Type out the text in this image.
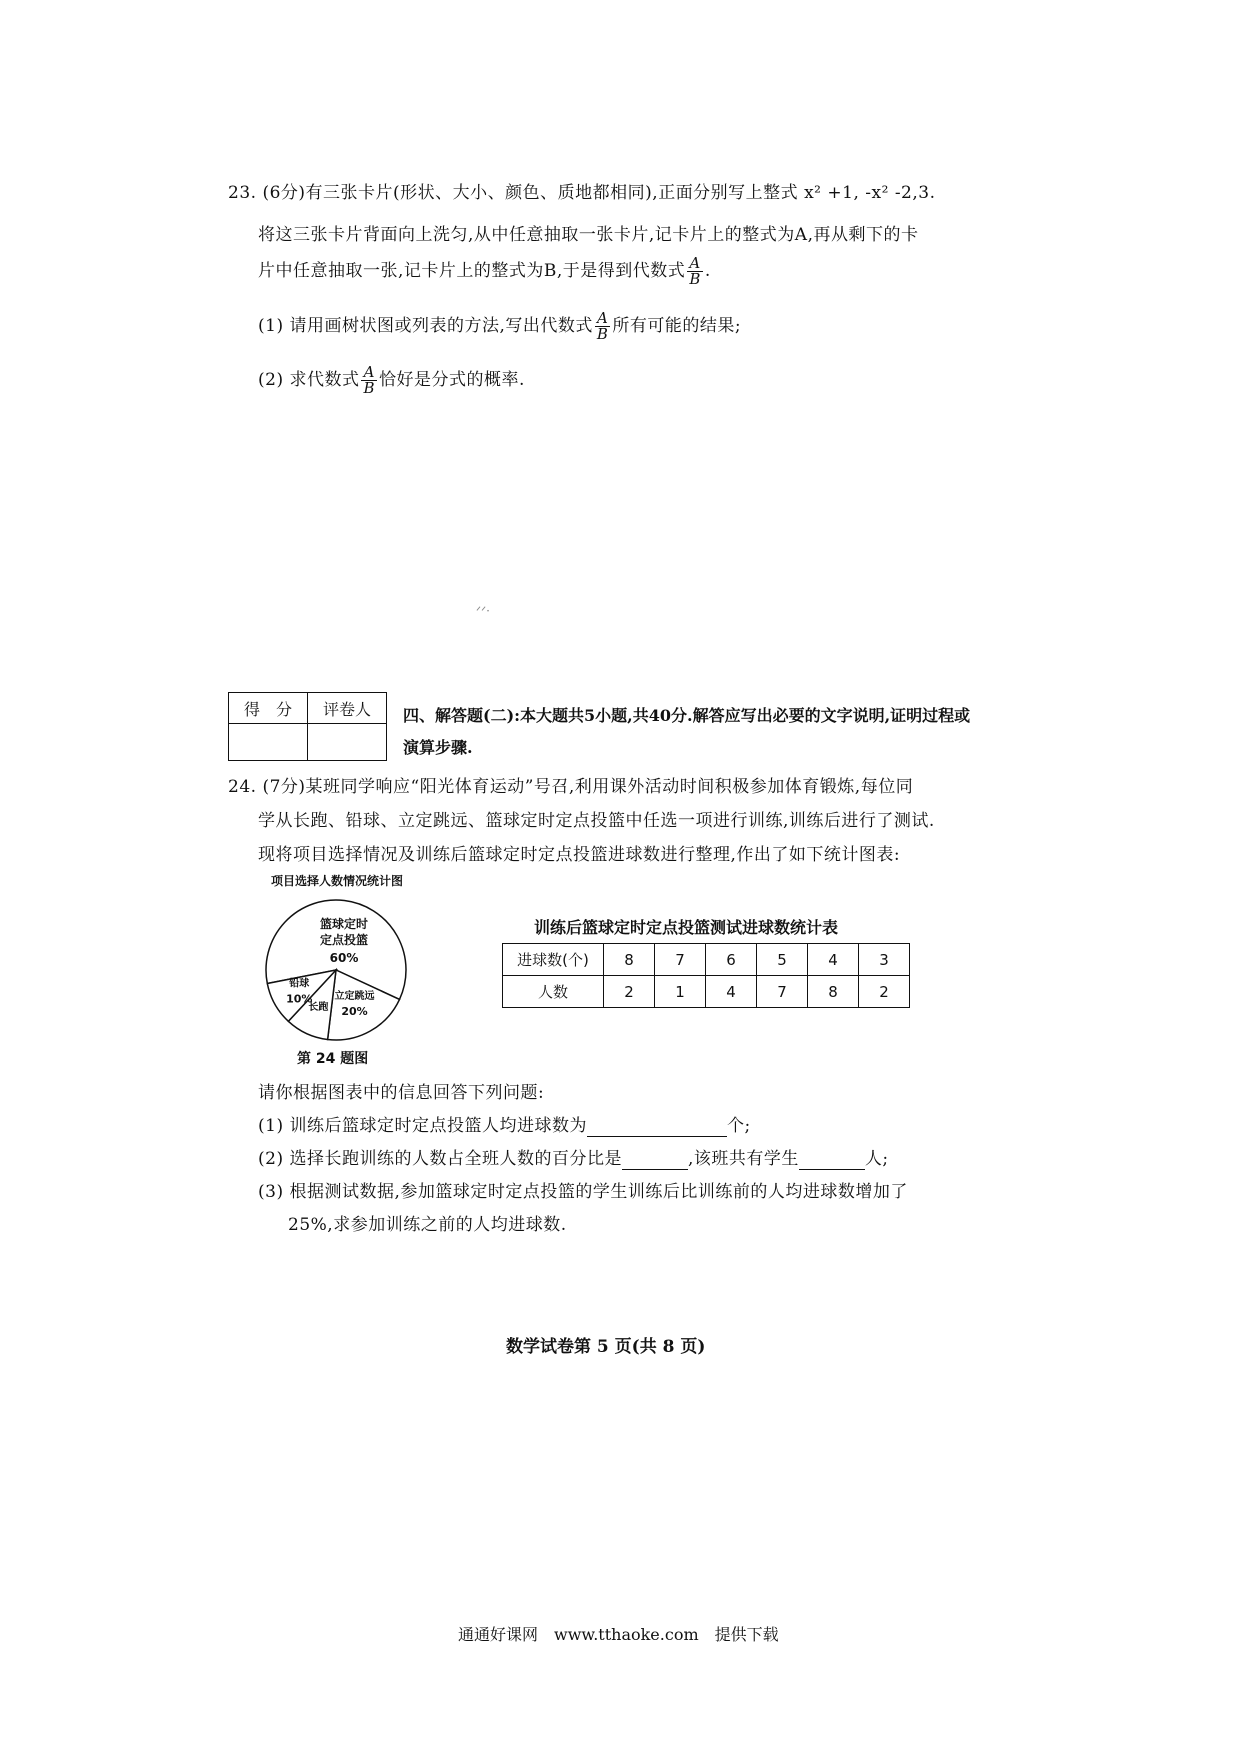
23. (6分)有三张卡片(形状、大小、颜色、质地都相同),正面分别写上整式 x² +1, -x² -2,3.
将这三张卡片背面向上洗匀,从中任意抽取一张卡片,记卡片上的整式为A,再从剩下的卡
片中任意抽取一张,记卡片上的整式为B,于是得到代数式 $\frac{A}{B}$ .
(1) 请用画树状图或列表的方法,写出代数式 $\frac{A}{B}$ 所有可能的结果;
(2) 求代数式 $\frac{A}{B}$ 恰好是分式的概率.
ᐟᐟ·
得　分	评卷人
	四、解答题(二):本大题共5小题,共40分.解答应写出必要的文字说明,证明过程或演算步骤.
24. (7分)某班同学响应“阳光体育运动”号召,利用课外活动时间积极参加体育锻炼,每位同
学从长跑、铅球、立定跳远、篮球定时定点投篮中任选一项进行训练,训练后进行了测试.
现将项目选择情况及训练后篮球定时定点投篮进球数进行整理,作出了如下统计图表:
项目选择人数情况统计图
篮球定时
定点投篮
60%
立定跳远
20%
长跑
铅球
10%
第 24 题图
训练后篮球定时定点投篮测试进球数统计表
进球数(个)	8	7	6	5	4	3
人数	2	1	4	7	8	2
请你根据图表中的信息回答下列问题:
(1) 训练后篮球定时定点投篮人均进球数为	个;
(2) 选择长跑训练的人数占全班人数的百分比是	,该班共有学生	人;
(3) 根据测试数据,参加篮球定时定点投篮的学生训练后比训练前的人均进球数增加了
25%,求参加训练之前的人均进球数.
数学试卷第 5 页(共 8 页)
通通好课网　www.tthaoke.com　提供下载
